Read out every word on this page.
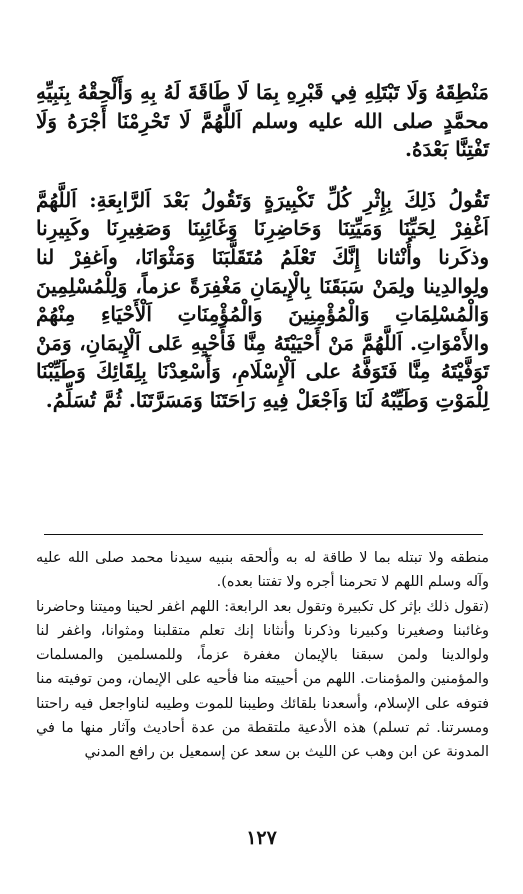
مَنْطِقَهُ وَلَا تَبْتَلِهِ فِي قَبْرِهِ بِمَا لَا طَاقَةَ لَهُ بِهِ وَأَلْحِقْهُ بِنَبِيِّهِ محمَّدٍ صلى الله عليه وسلم اَللَّهُمَّ لَا تَحْرِمْنَا أَجْرَهُ وَلَا تَفْتِنَّا بَعْدَهُ.

تَقُولُ ذَلِكَ بِإِثْرِ كُلِّ تَكْبِيرَةٍ وَتَقُولُ بَعْدَ اَلرَّابِعَةِ: اَللَّهُمَّ اَغْفِرْ لِحَيِّنَا وَمَيِّتِنَا وَحَاضِرِنَا وَغَائِبِنَا وَصَغِيرِنَا وكَبِيرِنا وذكَرنا وأُنْثانا إِنَّكَ تَعْلَمُ مُتَقَلَّبَنَا وَمَثْوَانَا، واَغفِرْ لنا ولِوالدِينا ولِمَنْ سَبَقَنَا بِالْإِيمَانِ مَغْفِرَةً عزماً، وَلِلْمُسْلِمِينَ وَالْمُسْلِمَاتِ وَالْمُؤْمِنِينَ وَالْمُؤْمِنَاتِ اَلْأَحْيَاءِ مِنْهُمْ والأَمْوَاتِ. اَللَّهُمَّ مَنْ أَحْيَيْتَهُ مِنَّا فَأَحْيِهِ عَلى اَلْإِيمَانِ، وَمَنْ تَوَفَّيْتَهُ مِنَّا فَتَوَفَّهُ على اَلْإِسْلَامِ، وَأَسْعِدْنَا بِلِقَائِكَ وَطَيِّبْنَا لِلْمَوْتِ وَطَيِّبْهُ لَنَا وَاَجْعَلْ فِيهِ رَاحَتَنَا وَمَسَرَّتَنَا. ثُمَّ تُسَلِّمُ.

منطقه ولا تبتله بما لا طاقة له به وألحقه بنبيه سيدنا محمد صلى الله عليه وآله وسلم اللهم لا تحرمنا أجره ولا تفتنا بعده).

(تقول ذلك بإثر كل تكبيرة وتقول بعد الرابعة: اللهم اغفر لحينا وميتنا وحاضرنا وغائبنا وصغيرنا وكبيرنا وذكرنا وأنثانا إنك تعلم متقلبنا ومثوانا، واغفر لنا ولوالدينا ولمن سبقنا بالإيمان مغفرة عزماً، وللمسلمين والمسلمات والمؤمنين والمؤمنات. اللهم من أحييته منا فأحيه على الإيمان، ومن توفيته منا فتوفه على الإسلام، وأسعدنا بلقائك وطيبنا للموت وطيبه لناواجعل فيه راحتنا ومسرتنا. ثم تسلم) هذه الأدعية ملتقطة من عدة أحاديث وآثار منها ما في المدونة عن ابن وهب عن الليث بن سعد عن إسمعيل بن رافع المدني

١٢٧
